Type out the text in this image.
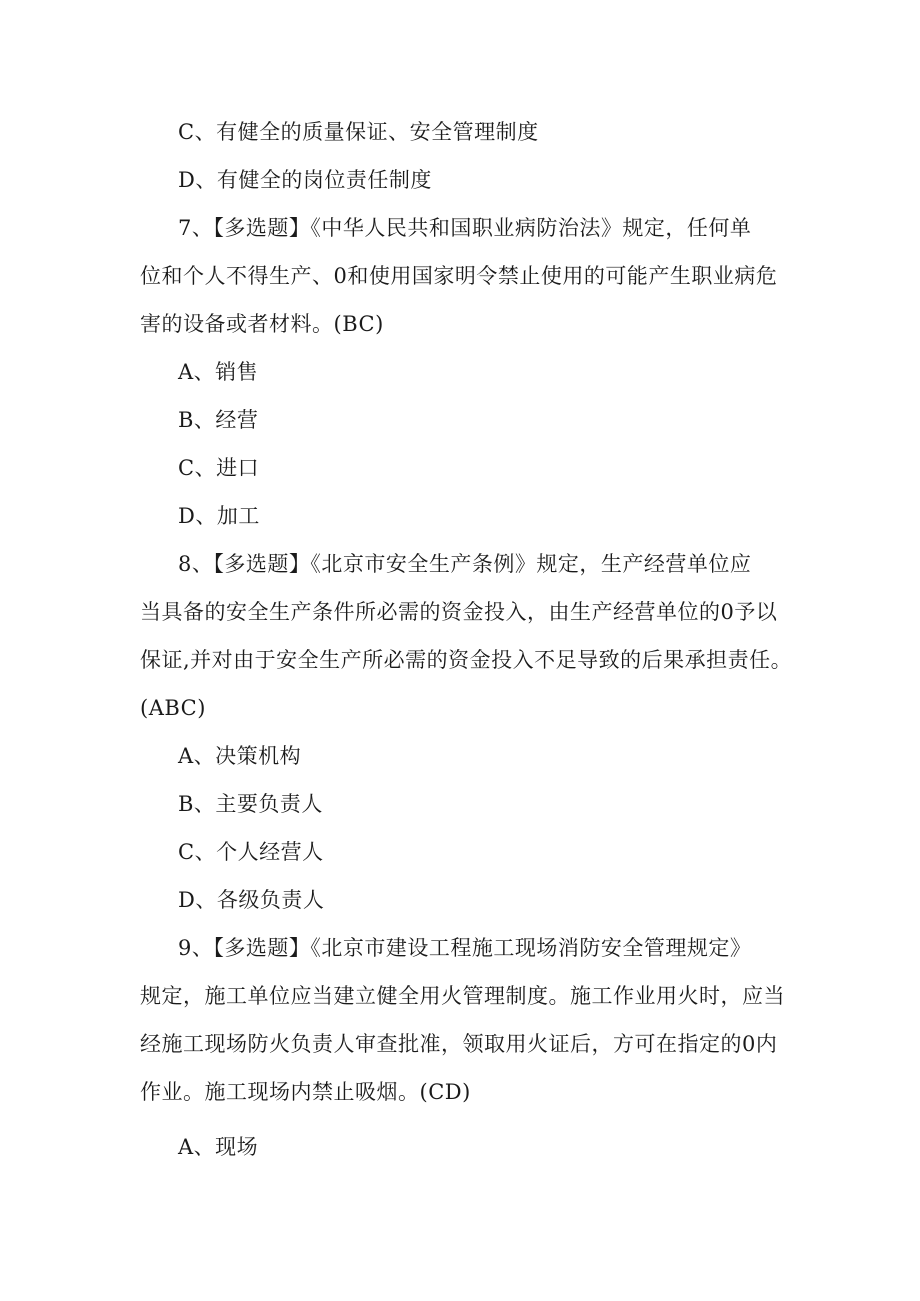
C、有健全的质量保证、安全管理制度
D、有健全的岗位责任制度
7、【多选题】《中华人民共和国职业病防治法》规定，任何单
位和个人不得生产、0和使用国家明令禁止使用的可能产生职业病危
害的设备或者材料。(BC)
A、销售
B、经营
C、进口
D、加工
8、【多选题】《北京市安全生产条例》规定，生产经营单位应
当具备的安全生产条件所必需的资金投入，由生产经营单位的0予以
保证,并对由于安全生产所必需的资金投入不足导致的后果承担责任。
(ABC)
A、决策机构
B、主要负责人
C、个人经营人
D、各级负责人
9、【多选题】《北京市建设工程施工现场消防安全管理规定》
规定，施工单位应当建立健全用火管理制度。施工作业用火时，应当
经施工现场防火负责人审查批准，领取用火证后，方可在指定的0内
作业。施工现场内禁止吸烟。(CD)
A、现场
